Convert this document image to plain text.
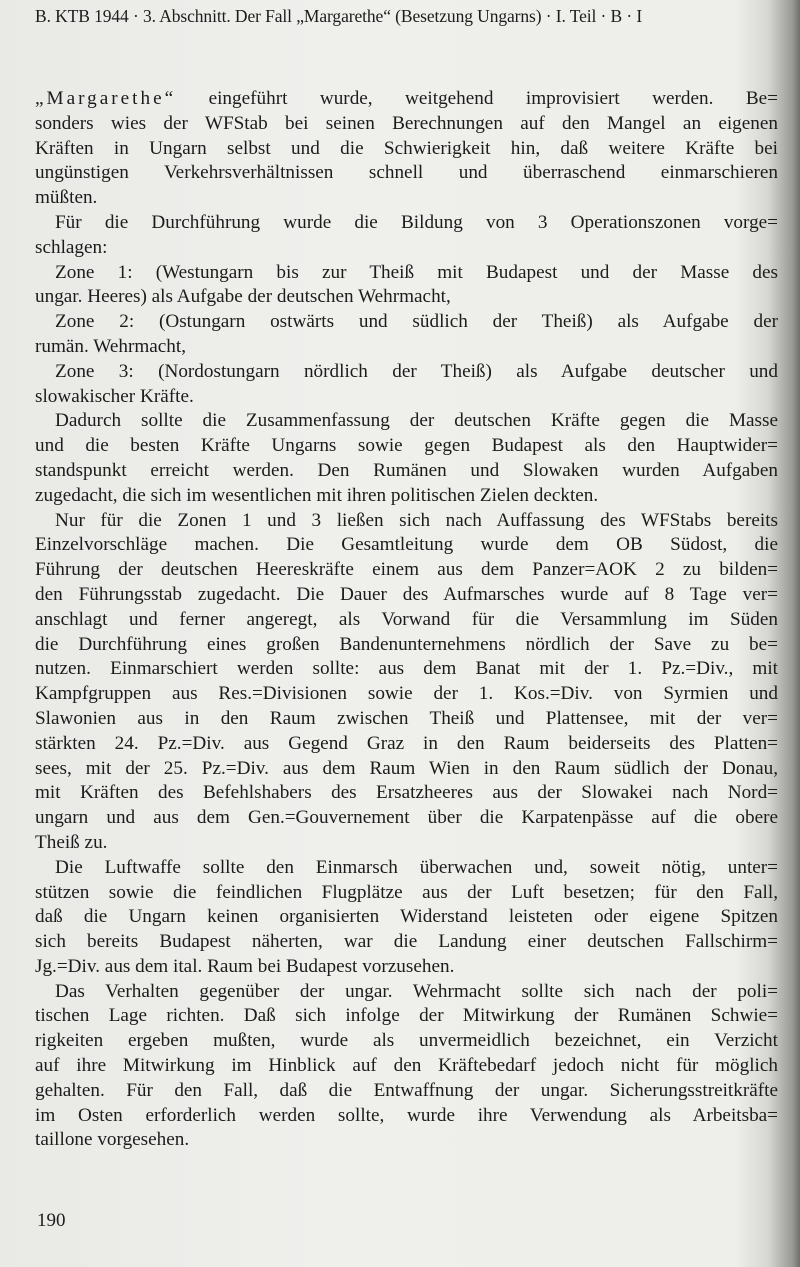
B. KTB 1944 · 3. Abschnitt. Der Fall „Margarethe“ (Besetzung Ungarns) · I. Teil · B · I
„Margarethe“ eingeführt wurde, weitgehend improvisiert werden. Be=
sonders wies der WFStab bei seinen Berechnungen auf den Mangel an eigenen
Kräften in Ungarn selbst und die Schwierigkeit hin, daß weitere Kräfte bei
ungünstigen Verkehrsverhältnissen schnell und überraschend einmarschieren
müßten.
Für die Durchführung wurde die Bildung von 3 Operationszonen vorge=
schlagen:
Zone 1: (Westungarn bis zur Theiß mit Budapest und der Masse des
ungar. Heeres) als Aufgabe der deutschen Wehrmacht,
Zone 2: (Ostungarn ostwärts und südlich der Theiß) als Aufgabe der
rumän. Wehrmacht,
Zone 3: (Nordostungarn nördlich der Theiß) als Aufgabe deutscher und
slowakischer Kräfte.
Dadurch sollte die Zusammenfassung der deutschen Kräfte gegen die Masse
und die besten Kräfte Ungarns sowie gegen Budapest als den Hauptwider=
standspunkt erreicht werden. Den Rumänen und Slowaken wurden Aufgaben
zugedacht, die sich im wesentlichen mit ihren politischen Zielen deckten.
Nur für die Zonen 1 und 3 ließen sich nach Auffassung des WFStabs bereits
Einzelvorschläge machen. Die Gesamtleitung wurde dem OB Südost, die
Führung der deutschen Heereskräfte einem aus dem Panzer=AOK 2 zu bilden=
den Führungsstab zugedacht. Die Dauer des Aufmarsches wurde auf 8 Tage ver=
anschlagt und ferner angeregt, als Vorwand für die Versammlung im Süden
die Durchführung eines großen Bandenunternehmens nördlich der Save zu be=
nutzen. Einmarschiert werden sollte: aus dem Banat mit der 1. Pz.=Div., mit
Kampfgruppen aus Res.=Divisionen sowie der 1. Kos.=Div. von Syrmien und
Slawonien aus in den Raum zwischen Theiß und Plattensee, mit der ver=
stärkten 24. Pz.=Div. aus Gegend Graz in den Raum beiderseits des Platten=
sees, mit der 25. Pz.=Div. aus dem Raum Wien in den Raum südlich der Donau,
mit Kräften des Befehlshabers des Ersatzheeres aus der Slowakei nach Nord=
ungarn und aus dem Gen.=Gouvernement über die Karpatenpässe auf die obere
Theiß zu.
Die Luftwaffe sollte den Einmarsch überwachen und, soweit nötig, unter=
stützen sowie die feindlichen Flugplätze aus der Luft besetzen; für den Fall,
daß die Ungarn keinen organisierten Widerstand leisteten oder eigene Spitzen
sich bereits Budapest näherten, war die Landung einer deutschen Fallschirm=
Jg.=Div. aus dem ital. Raum bei Budapest vorzusehen.
Das Verhalten gegenüber der ungar. Wehrmacht sollte sich nach der poli=
tischen Lage richten. Daß sich infolge der Mitwirkung der Rumänen Schwie=
rigkeiten ergeben mußten, wurde als unvermeidlich bezeichnet, ein Verzicht
auf ihre Mitwirkung im Hinblick auf den Kräftebedarf jedoch nicht für möglich
gehalten. Für den Fall, daß die Entwaffnung der ungar. Sicherungsstreitkräfte
im Osten erforderlich werden sollte, wurde ihre Verwendung als Arbeitsba=
taillone vorgesehen.
190
